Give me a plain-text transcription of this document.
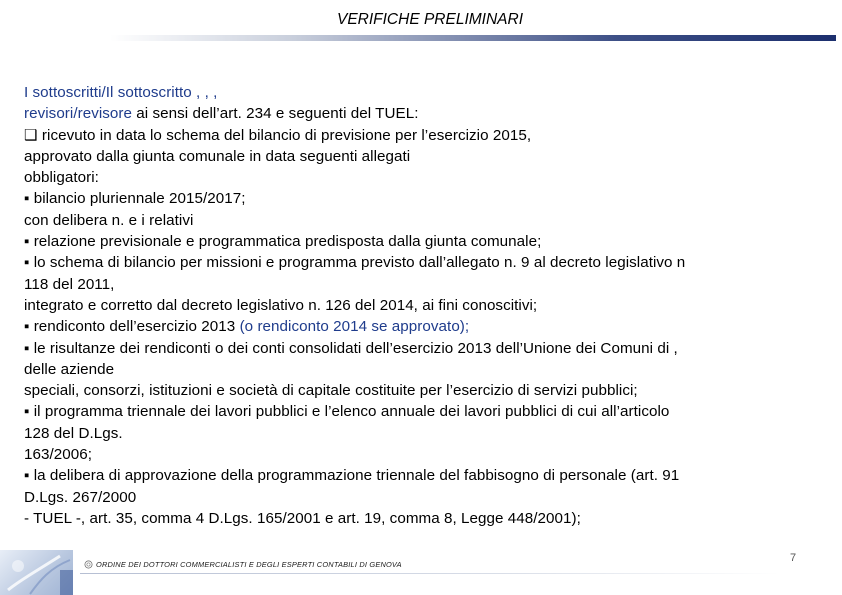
VERIFICHE PRELIMINARI
I sottoscritti/Il sottoscritto , , ,
revisori/revisore ai sensi dell’art. 234 e seguenti del TUEL:
❑ ricevuto in data lo schema del bilancio di previsione per l’esercizio 2015,
approvato dalla giunta comunale in data seguenti allegati
obbligatori:
▪ bilancio pluriennale 2015/2017;
con delibera n. e i relativi
▪ relazione previsionale e programmatica predisposta dalla giunta comunale;
▪ lo schema di bilancio per missioni e programma previsto dall’allegato n. 9 al decreto legislativo n
118 del 2011,
integrato e corretto dal decreto legislativo n. 126 del 2014, ai fini conoscitivi;
▪ rendiconto dell’esercizio 2013 (o rendiconto 2014 se approvato);
▪ le risultanze dei rendiconti o dei conti consolidati dell’esercizio 2013 dell’Unione dei Comuni di ,
delle aziende
speciali, consorzi, istituzioni e società di capitale costituite per l’esercizio di servizi pubblici;
▪ il programma triennale dei lavori pubblici e l’elenco annuale dei lavori pubblici di cui all’articolo
128 del D.Lgs.
163/2006;
▪ la delibera di approvazione della programmazione triennale del fabbisogno di personale (art. 91
D.Lgs. 267/2000
- TUEL -, art. 35, comma 4 D.Lgs. 165/2001 e art. 19, comma 8, Legge 448/2001);
ORDINE DEI DOTTORI COMMERCIALISTI E DEGLI ESPERTI CONTABILI DI GENOVA
7
